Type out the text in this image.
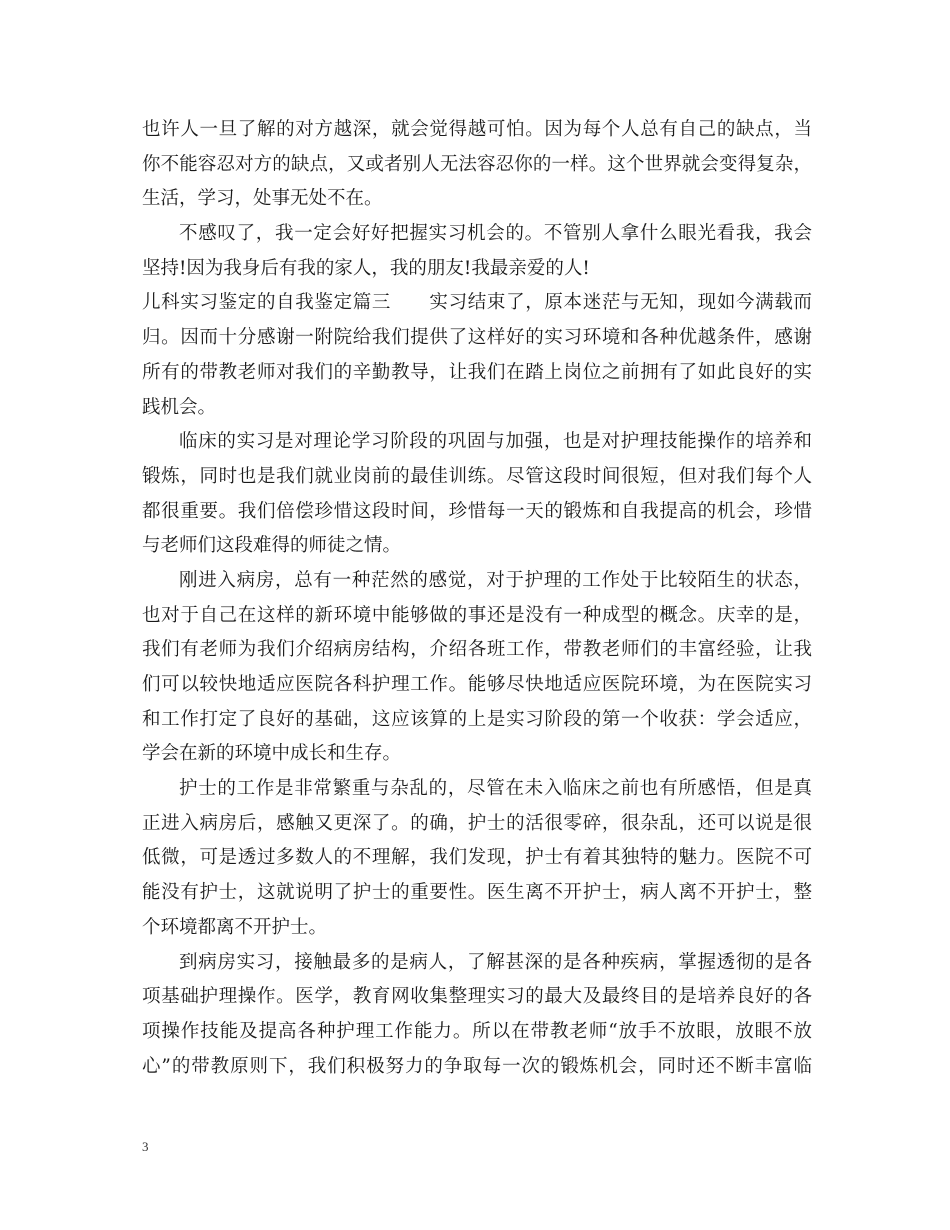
也许人一旦了解的对方越深，就会觉得越可怕。因为每个人总有自己的缺点，当
你不能容忍对方的缺点，又或者别人无法容忍你的一样。这个世界就会变得复杂，
生活，学习，处事无处不在。
不感叹了，我一定会好好把握实习机会的。不管别人拿什么眼光看我，我会
坚持!因为我身后有我的家人，我的朋友!我最亲爱的人!
儿科实习鉴定的自我鉴定篇三　　实习结束了，原本迷茫与无知，现如今满载而
归。因而十分感谢一附院给我们提供了这样好的实习环境和各种优越条件，感谢
所有的带教老师对我们的辛勤教导，让我们在踏上岗位之前拥有了如此良好的实
践机会。
临床的实习是对理论学习阶段的巩固与加强，也是对护理技能操作的培养和
锻炼，同时也是我们就业岗前的最佳训练。尽管这段时间很短，但对我们每个人
都很重要。我们倍偿珍惜这段时间，珍惜每一天的锻炼和自我提高的机会，珍惜
与老师们这段难得的师徒之情。
刚进入病房，总有一种茫然的感觉，对于护理的工作处于比较陌生的状态，
也对于自己在这样的新环境中能够做的事还是没有一种成型的概念。庆幸的是，
我们有老师为我们介绍病房结构，介绍各班工作，带教老师们的丰富经验，让我
们可以较快地适应医院各科护理工作。能够尽快地适应医院环境，为在医院实习
和工作打定了良好的基础，这应该算的上是实习阶段的第一个收获：学会适应，
学会在新的环境中成长和生存。
护士的工作是非常繁重与杂乱的，尽管在未入临床之前也有所感悟，但是真
正进入病房后，感触又更深了。的确，护士的活很零碎，很杂乱，还可以说是很
低微，可是透过多数人的不理解，我们发现，护士有着其独特的魅力。医院不可
能没有护士，这就说明了护士的重要性。医生离不开护士，病人离不开护士，整
个环境都离不开护士。
到病房实习，接触最多的是病人，了解甚深的是各种疾病，掌握透彻的是各
项基础护理操作。医学，教育网收集整理实习的最大及最终目的是培养良好的各
项操作技能及提高各种护理工作能力。所以在带教老师“放手不放眼，放眼不放
心”的带教原则下，我们积极努力的争取每一次的锻炼机会，同时还不断丰富临
3
